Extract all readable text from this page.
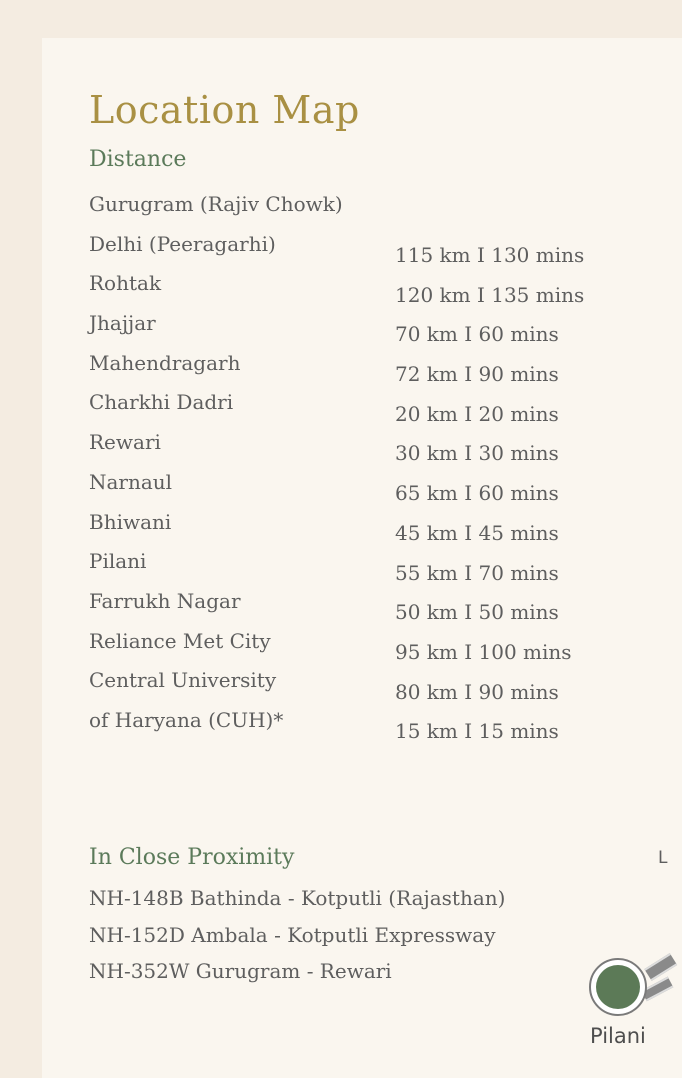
Location Map
Distance
Gurugram (Rajiv Chowk)
Delhi (Peeragarhi)
Rohtak
Jhajjar
Mahendragarh
Charkhi Dadri
Rewari
Narnaul
Bhiwani
Pilani
Farrukh Nagar
Reliance Met City
Central University
of Haryana (CUH)*
115 km I 130 mins
120 km I 135 mins
70 km I 60 mins
72 km I 90 mins
20 km I 20 mins
30 km I 30 mins
65 km I 60 mins
45 km I 45 mins
55 km I 70 mins
50 km I 50 mins
95 km I 100 mins
80 km I 90 mins
15 km I 15 mins
In Close Proximity
NH-148B Bathinda - Kotputli (Rajasthan)
NH-152D Ambala - Kotputli Expressway
NH-352W Gurugram - Rewari
L
Pilani
